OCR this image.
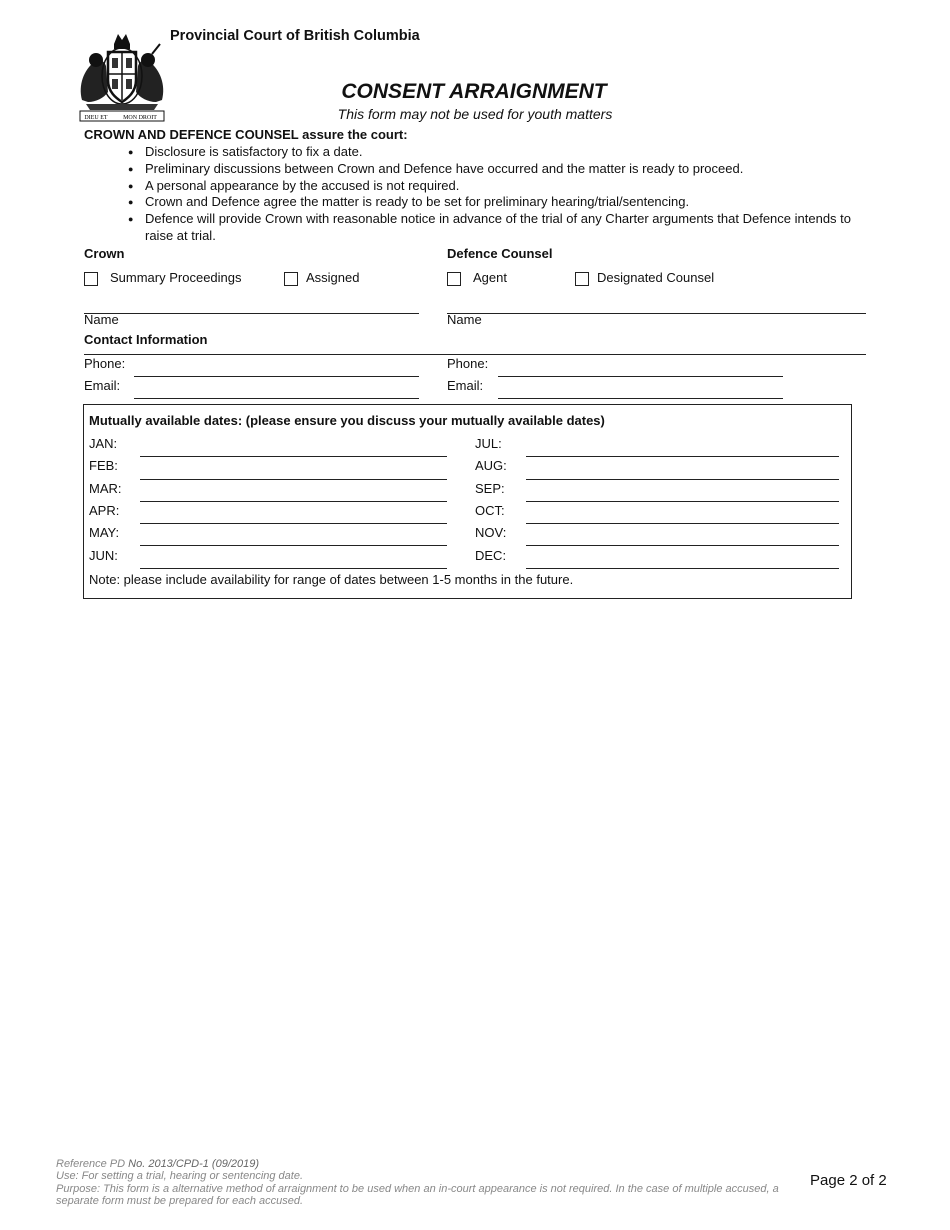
DIEU ET	MON DROIT
Provincial Court of British Columbia
CONSENT ARRAIGNMENT
This form may not be used for youth matters
CROWN AND DEFENCE COUNSEL assure the court:
● Disclosure is satisfactory to fix a date.
● Preliminary discussions between Crown and Defence have occurred and the matter is ready to proceed.
● A personal appearance by the accused is not required.
● Crown and Defence agree the matter is ready to be set for preliminary hearing/trial/sentencing.
● Defence will provide Crown with reasonable notice in advance of the trial of any Charter arguments that Defence intends to raise at trial.
Crown
Summary Proceedings	Assigned
Defence Counsel
Agent	Designated Counsel
Name	Name
Contact Information
Phone:
Email:
Phone:
Email:
Mutually available dates: (please ensure you discuss your mutually available dates)
JAN:
FEB:
MAR:
APR:
MAY:
JUN:
JUL:
AUG:
SEP:
OCT:
NOV:
DEC:
Note: please include availability for range of dates between 1-5 months in the future.
Reference PD No. 2013/CPD-1 (09/2019)
Use: For setting a trial, hearing or sentencing date.
Purpose: This form is a alternative method of arraignment to be used when an in-court appearance is not required. In the case of multiple accused, a separate form must be prepared for each accused.
Page 2 of 2
